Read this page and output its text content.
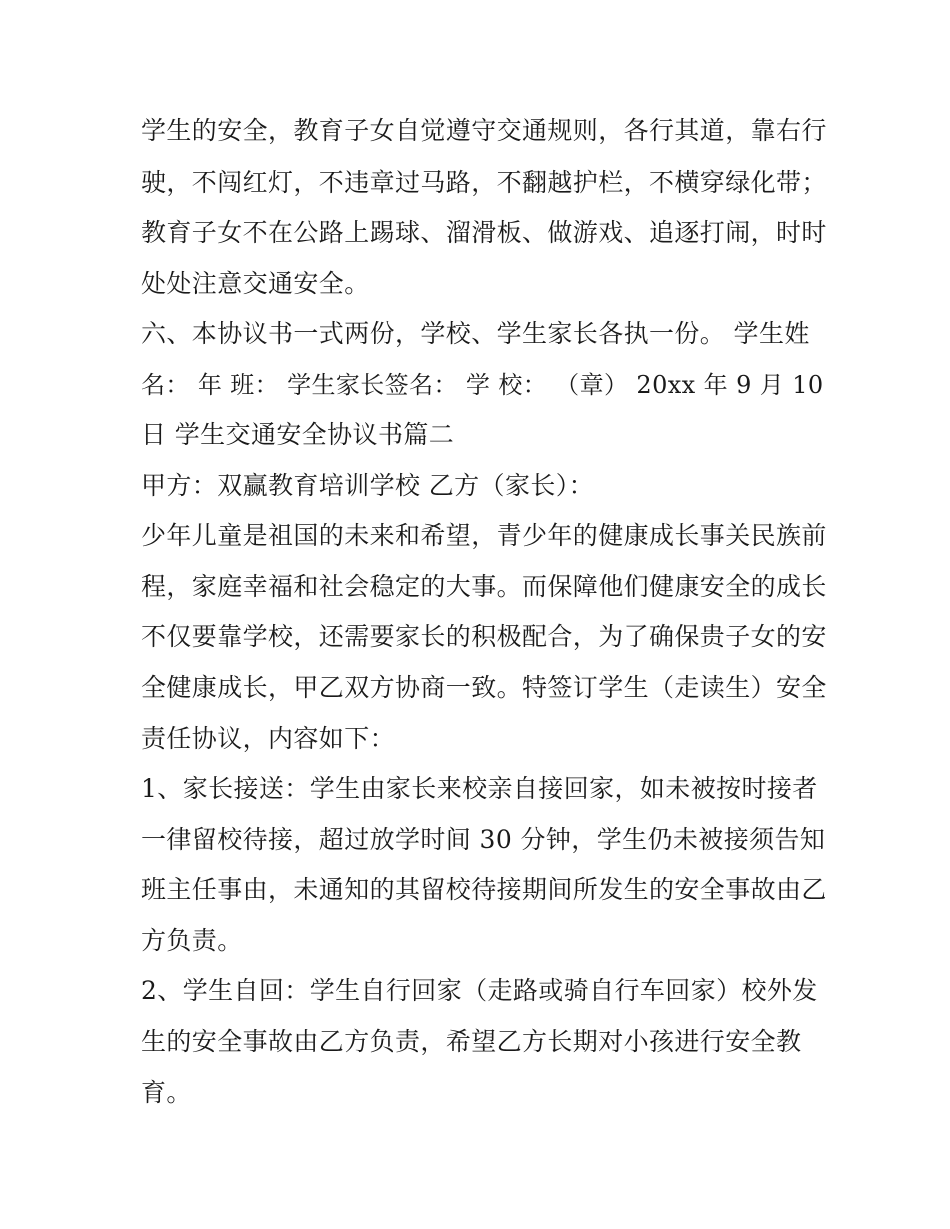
学生的安全，教育子女自觉遵守交通规则，各行其道，靠右行

驶，不闯红灯，不违章过马路，不翻越护栏，不横穿绿化带；

教育子女不在公路上踢球、溜滑板、做游戏、追逐打闹，时时

处处注意交通安全。

六、本协议书一式两份，学校、学生家长各执一份。 学生姓

名： 年 班： 学生家长签名： 学 校： （章） 20xx 年 9 月 10

日 学生交通安全协议书篇二

甲方：双赢教育培训学校 乙方（家长）：

少年儿童是祖国的未来和希望，青少年的健康成长事关民族前

程，家庭幸福和社会稳定的大事。而保障他们健康安全的成长

不仅要靠学校，还需要家长的积极配合，为了确保贵子女的安

全健康成长，甲乙双方协商一致。特签订学生（走读生）安全

责任协议，内容如下：

1、家长接送：学生由家长来校亲自接回家，如未被按时接者

一律留校待接，超过放学时间 30 分钟，学生仍未被接须告知

班主任事由，未通知的其留校待接期间所发生的安全事故由乙

方负责。

2、学生自回：学生自行回家（走路或骑自行车回家）校外发

生的安全事故由乙方负责，希望乙方长期对小孩进行安全教

育。
